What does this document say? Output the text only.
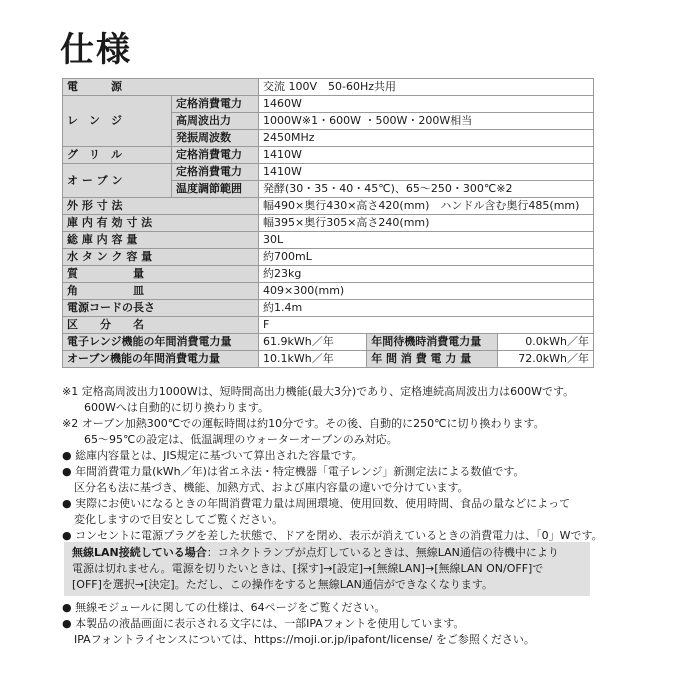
仕様
電　　　源		交流 100V　50-60Hz共用		
レ　ン　ジ	定格消費電力	1460W		
	高周波出力	1000W※1・600W ・500W・200W相当		
	発振周波数	2450MHz		
グ　リ　ル	定格消費電力	1410W		
オ ー ブ ン	定格消費電力	1410W		
	温度調節範囲	発酵(30・35・40・45℃)、65～250・300℃※2		
外 形 寸 法		幅490×奥行430×高さ420(mm)　ハンドル含む奥行485(mm)		
庫 内 有 効 寸 法		幅395×奥行305×高さ240(mm)		
総 庫 内 容 量		30L		
水 タ ン ク 容 量		約700mL		
質　　　　　量		約23kg		
角　　　　　皿		409×300(mm)		
電源コードの長さ		約1.4m		
区　　分　　名		F		
電子レンジ機能の年間消費電力量		61.9kWh／年	年間待機時消費電力量	0.0kWh／年
オーブン機能の年間消費電力量		10.1kWh／年	年 間 消 費 電 力 量	72.0kWh／年

※1 定格高周波出力1000Wは、短時間高出力機能(最大3分)であり、定格連続高周波出力は600Wです。

600Wへは自動的に切り換わります。

※2 オーブン加熱300℃での運転時間は約10分です。その後、自動的に250℃に切り換わります。

65～95℃の設定は、低温調理のウォーターオーブンのみ対応。

● 総庫内容量とは、JIS規定に基づいて算出された容量です。

● 年間消費電力量(kWh／年)は省エネ法・特定機器「電子レンジ」新測定法による数値です。

区分名も法に基づき、機能、加熱方式、および庫内容量の違いで分けています。

● 実際にお使いになるときの年間消費電力量は周囲環境、使用回数、使用時間、食品の量などによって

変化しますので目安としてご覧ください。

● コンセントに電源プラグを差した状態で、ドアを閉め、表示が消えているときの消費電力は、「0」Wです。

無線LAN接続している場合：コネクトランプが点灯しているときは、無線LAN通信の待機中により
電源は切れません。電源を切りたいときは、[探す]→[設定]→[無線LAN]→[無線LAN ON/OFF]で
[OFF]を選択→[決定]。ただし、この操作をすると無線LAN通信ができなくなります。

● 無線モジュールに関しての仕様は、64ページをご覧ください。

● 本製品の液晶画面に表示される文字には、一部IPAフォントを使用しています。

IPAフォントライセンスについては、https://moji.or.jp/ipafont/license/ をご参照ください。
